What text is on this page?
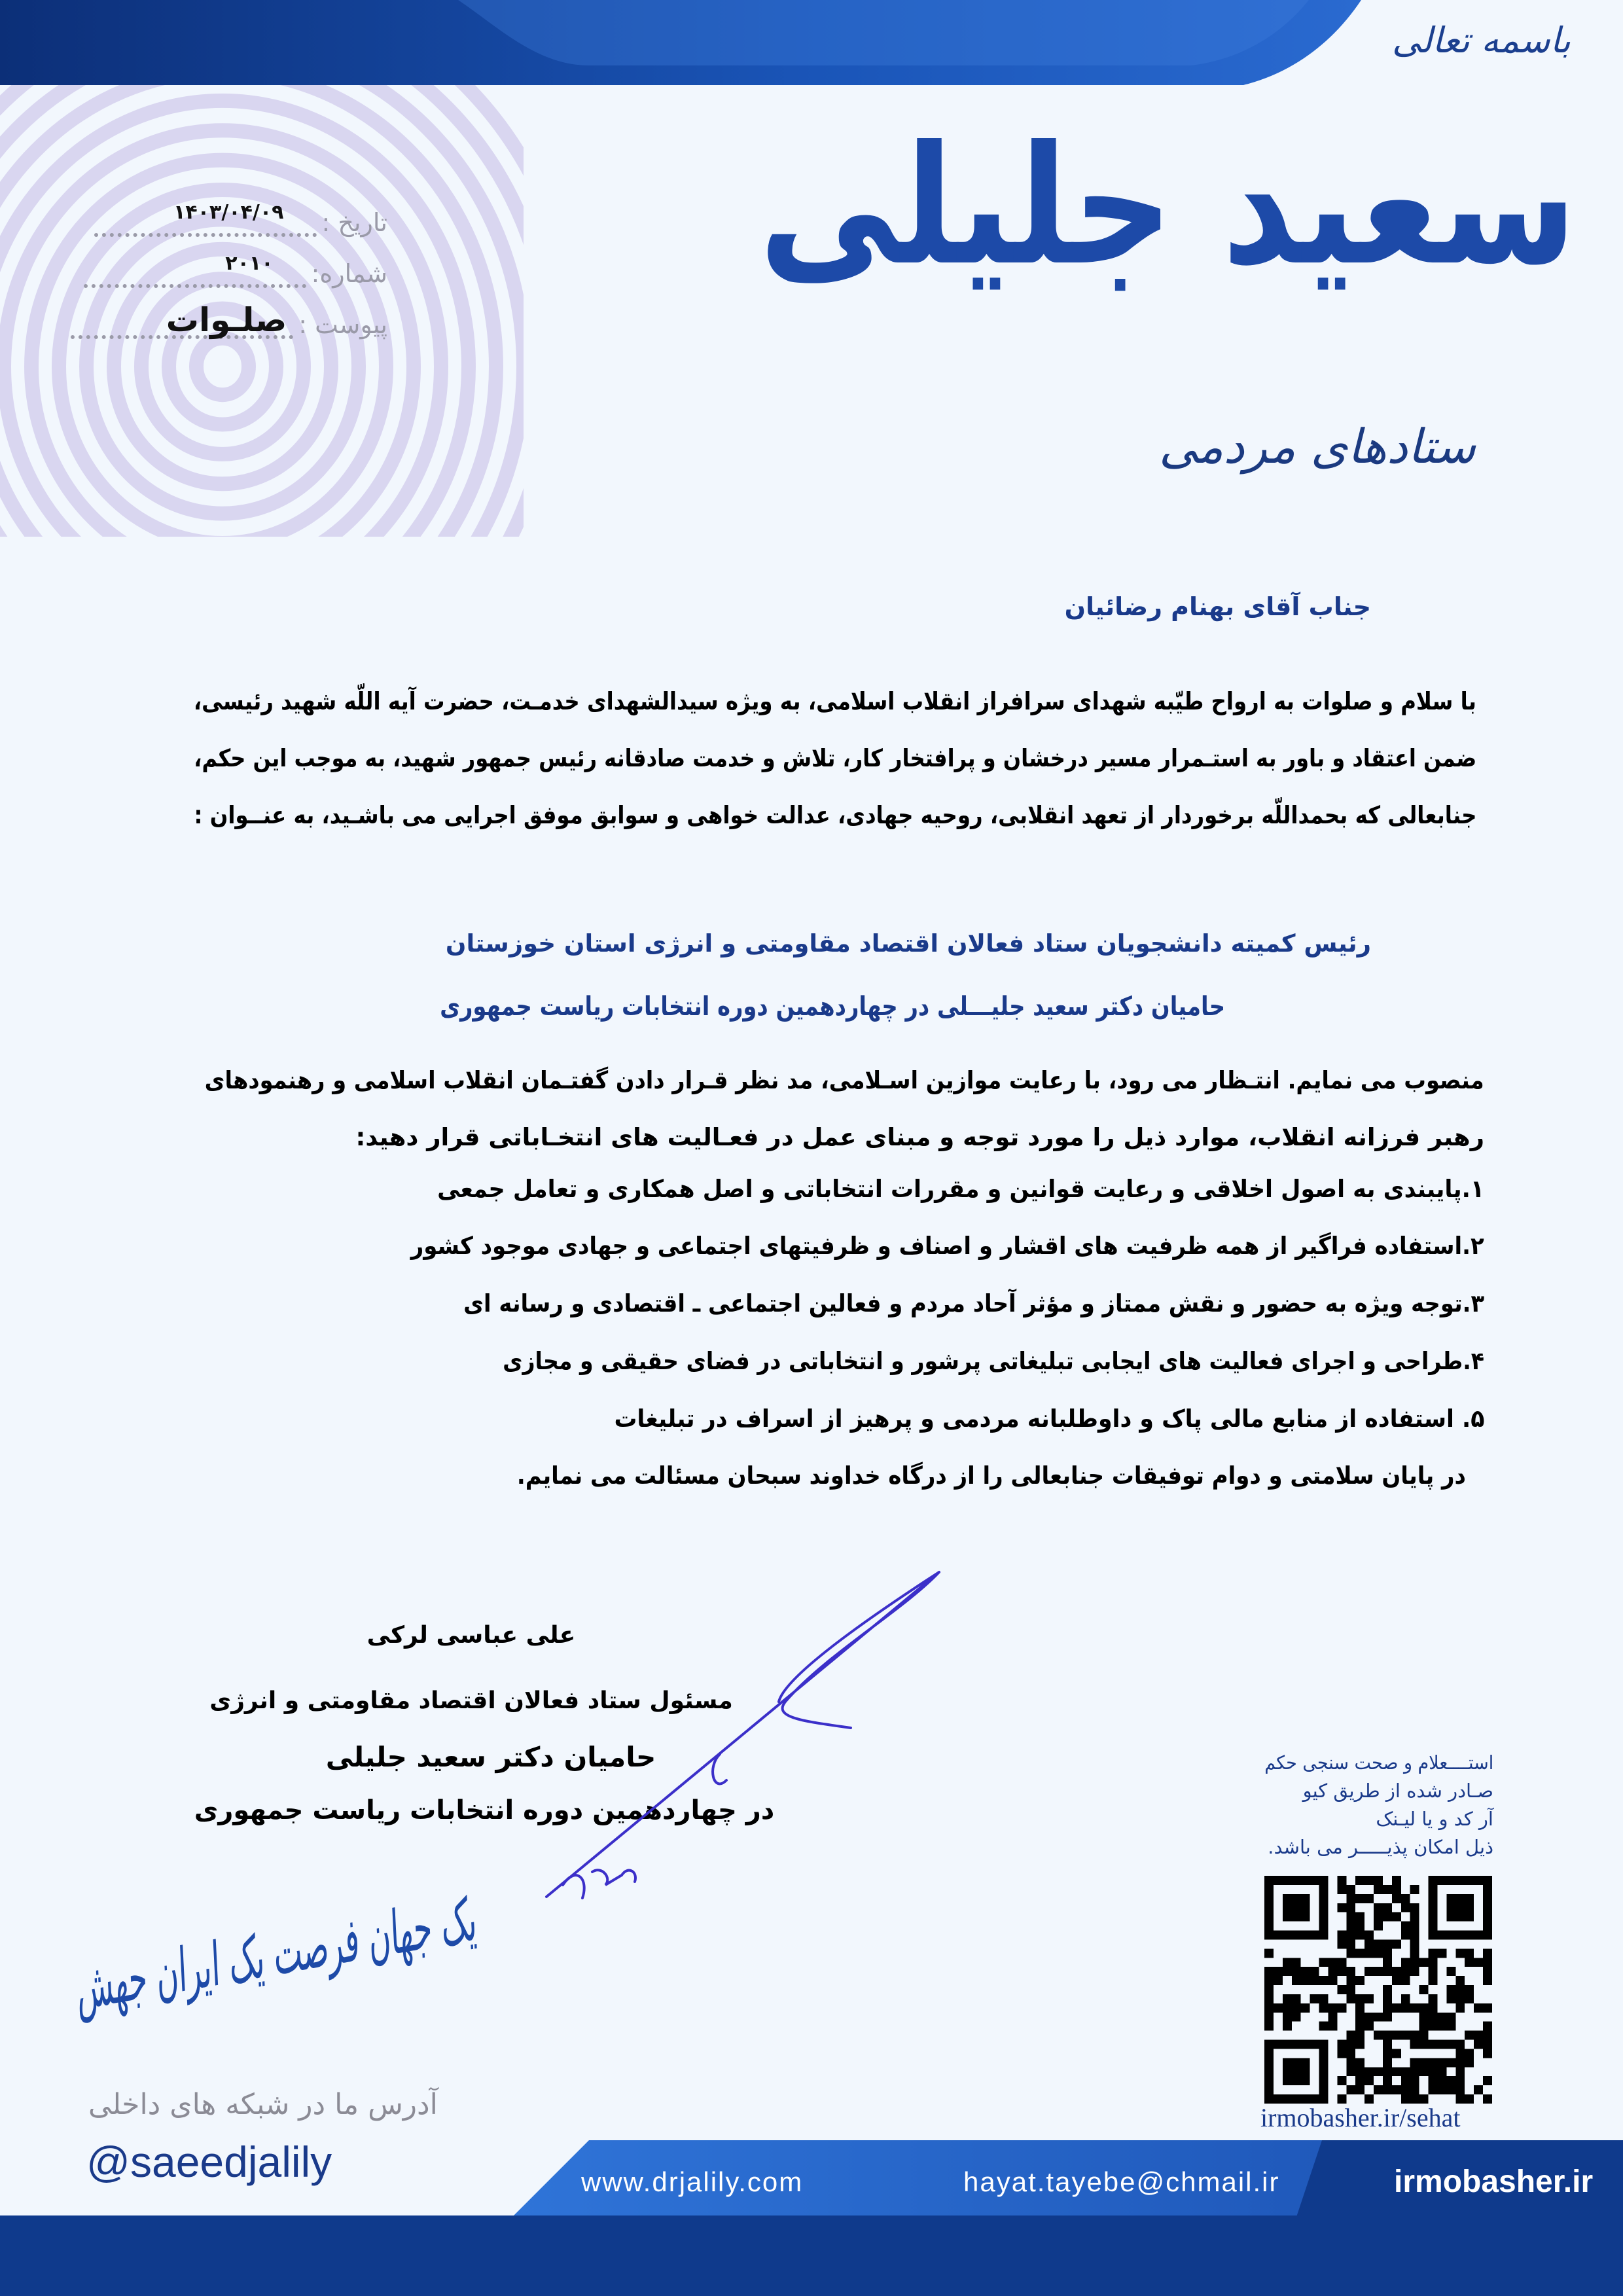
باسمه تعالی
سعید جلیلی
ستادهای مردمی
تاریخ :
۱۴۰۳/۰۴/۰۹
شماره:
۲۰۱۰
پیوست :
صلـوات
جناب آقای بهنام رضائیان
با سلام و صلوات به ارواح طیّبه شهدای سرافراز انقلاب اسلامی، به ویژه سیدالشهدای خدمـت، حضرت آیه اللّه شهید رئیسی،
ضمن اعتقاد و باور به استـمرار مسیر درخشان و پرافتخار کار، تلاش و خدمت صادقانه رئیس جمهور شهید، به موجب این حکم،
جنابعالی که بحمداللّه برخوردار از تعهد انقلابی، روحیه جهادی، عدالت خواهی و سوابق موفق اجرایی می باشـید، به عنــوان :
رئیس کمیته دانشجویان ستاد فعالان اقتصاد مقاومتی و انرژی استان خوزستان
حامیان دکتر سعید جلیـــلی در چهاردهمین دوره انتخابات ریاست جمهوری
منصوب می نمایم. انتـظار می رود، با رعایت موازین اسـلامی، مد نظر قـرار دادن گفتـمان انقلاب اسلامی و رهنمودهای
رهبر فرزانه انقلاب، موارد ذیل را مورد توجه و مبنای عمل در فعـالیت های انتخـاباتی قرار دهید:
۱.پایبندی به اصول اخلاقی و رعایت قوانین و مقررات انتخاباتی و اصل همکاری و تعامل جمعی
۲.استفاده فراگیر از همه ظرفیت های اقشار و اصناف و ظرفیتهای اجتماعی و جهادی موجود کشور
۳.توجه ویژه به حضور و نقش ممتاز و مؤثر آحاد مردم و فعالین اجتماعی ـ اقتصادی و رسانه ای
۴.طراحی و اجرای فعالیت های ایجابی تبلیغاتی پرشور و انتخاباتی در فضای حقیقی و مجازی
۵. استفاده از منابع مالی پاک و داوطلبانه مردمی و پرهیز از اسراف در تبلیغات
در پایان سلامتی و دوام توفیقات جنابعالی را از درگاه خداوند سبحان مسئالت می نمایم.
علی عباسی لرکی
مسئول ستاد فعالان اقتصاد مقاومتی و انرژی
حامیان دکتر سعید جلیلی
در چهاردهمین دوره انتخابات ریاست جمهوری
استــــعلام و صحت سنجی حکم
صـادر شده از طریق کیو
آر کد و یا لیـنک
ذیل امکان پذیـــــر می باشد.
irmobasher.ir/sehat
یک جهان فرصت یک ایران جهش
آدرس ما در شبکه های داخلی
@saeedjalily	www.drjalily.com	hayat.tayebe@chmail.ir	irmobasher.ir
